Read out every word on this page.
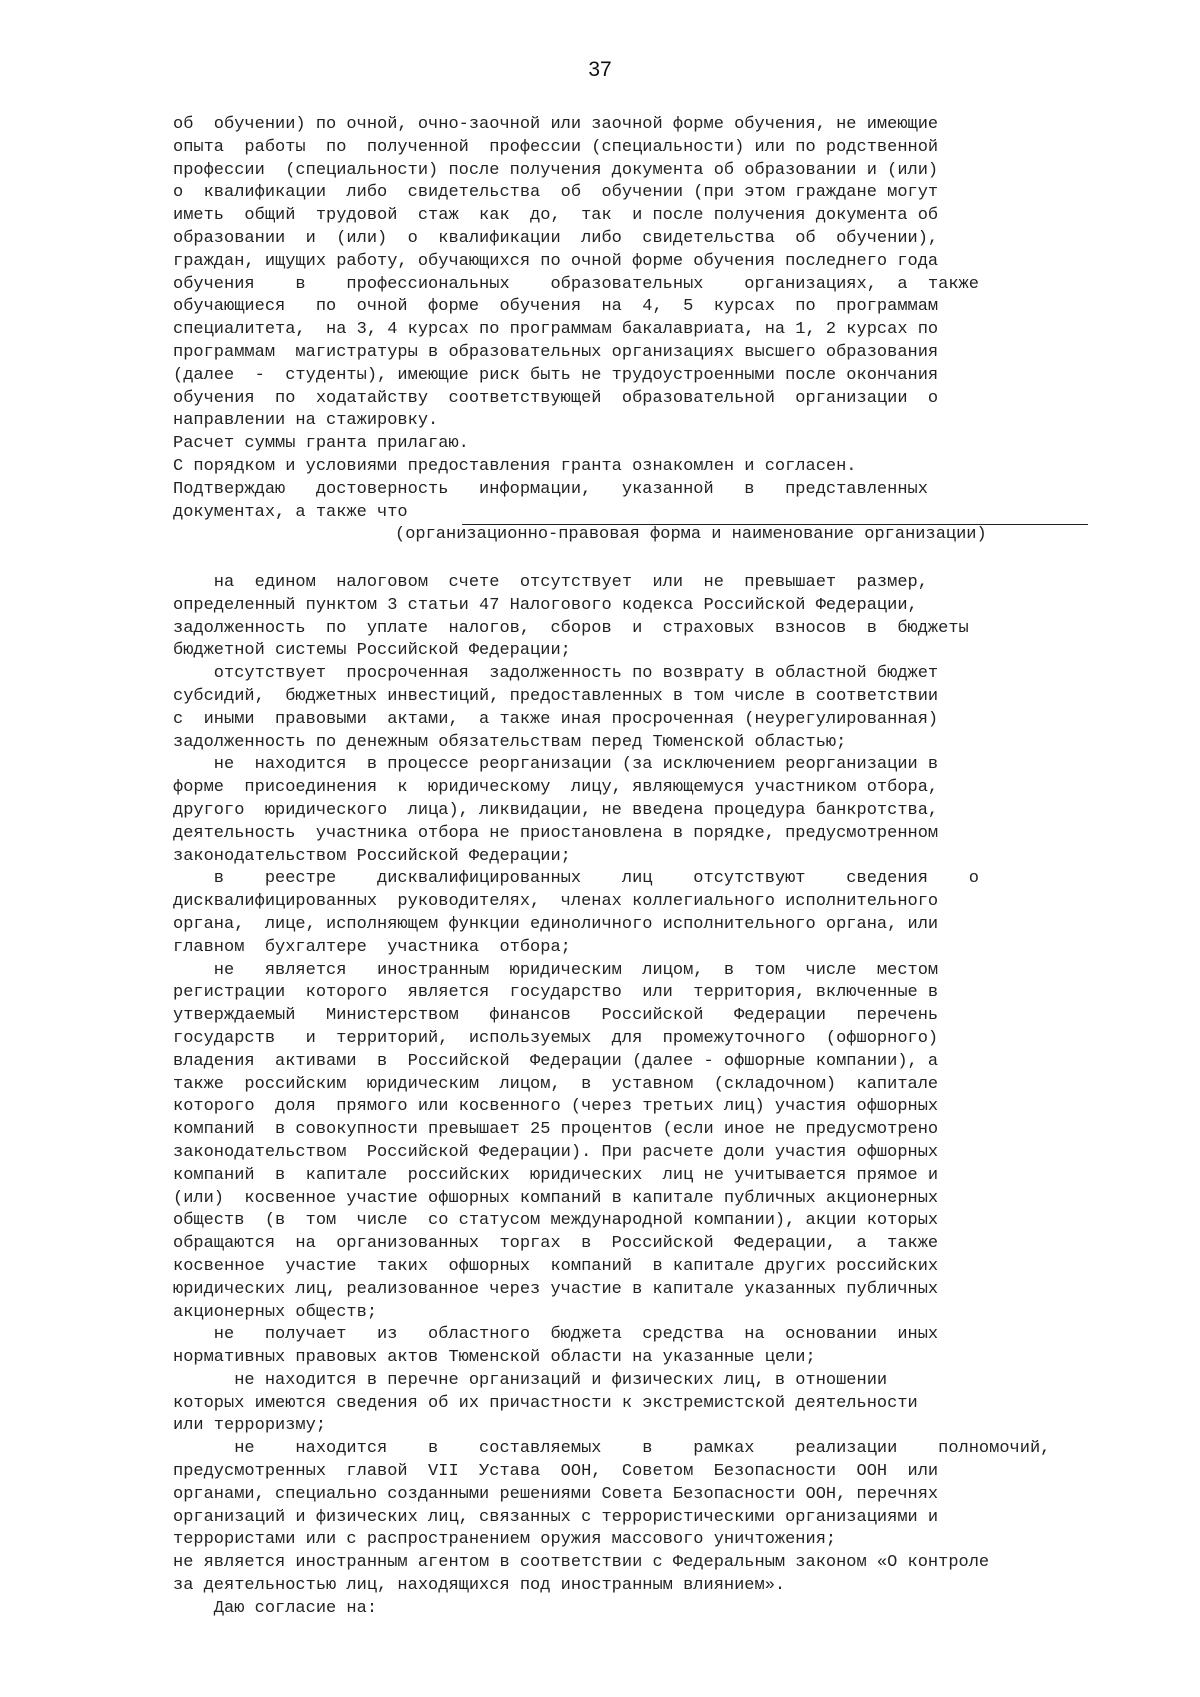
37
об  обучении) по очной, очно-заочной или заочной форме обучения, не имеющие
опыта  работы  по  полученной  профессии (специальности) или по родственной
профессии  (специальности) после получения документа об образовании и (или)
о  квалификации  либо  свидетельства  об  обучении (при этом граждане могут
иметь  общий  трудовой  стаж  как  до,  так  и после получения документа об
образовании  и  (или)  о  квалификации  либо  свидетельства  об  обучении),
граждан, ищущих работу, обучающихся по очной форме обучения последнего года
обучения    в    профессиональных    образовательных    организациях,  а  также
обучающиеся   по  очной  форме  обучения  на  4,  5  курсах  по  программам
специалитета,  на 3, 4 курсах по программам бакалавриата, на 1, 2 курсах по
программам  магистратуры в образовательных организациях высшего образования
(далее  -  студенты), имеющие риск быть не трудоустроенными после окончания
обучения  по  ходатайству  соответствующей  образовательной  организации  о
направлении на стажировку.
Расчет суммы гранта прилагаю.
С порядком и условиями предоставления гранта ознакомлен и согласен.
Подтверждаю   достоверность   информации,   указанной   в   представленных
документах, а также что
(организационно-правовая форма и наименование организации)
на  едином  налоговом  счете  отсутствует  или  не  превышает  размер,
определенный пунктом 3 статьи 47 Налогового кодекса Российской Федерации,
задолженность  по  уплате  налогов,  сборов  и  страховых  взносов  в  бюджеты
бюджетной системы Российской Федерации;
отсутствует  просроченная  задолженность по возврату в областной бюджет
субсидий,  бюджетных инвестиций, предоставленных в том числе в соответствии
с  иными  правовыми  актами,  а также иная просроченная (неурегулированная)
задолженность по денежным обязательствам перед Тюменской областью;
не  находится  в процессе реорганизации (за исключением реорганизации в
форме  присоединения  к  юридическому  лицу, являющемуся участником отбора,
другого  юридического  лица), ликвидации, не введена процедура банкротства,
деятельность  участника отбора не приостановлена в порядке, предусмотренном
законодательством Российской Федерации;
в    реестре    дисквалифицированных    лиц    отсутствуют    сведения    о
дисквалифицированных  руководителях,  членах коллегиального исполнительного
органа,  лице, исполняющем функции единоличного исполнительного органа, или
главном  бухгалтере  участника  отбора;
не   является   иностранным  юридическим  лицом,  в  том  числе  местом
регистрации  которого  является  государство  или  территория, включенные в
утверждаемый   Министерством   финансов   Российской   Федерации   перечень
государств   и  территорий,  используемых  для  промежуточного  (офшорного)
владения  активами  в  Российской  Федерации (далее - офшорные компании), а
также  российским  юридическим  лицом,  в  уставном  (складочном)  капитале
которого  доля  прямого или косвенного (через третьих лиц) участия офшорных
компаний  в совокупности превышает 25 процентов (если иное не предусмотрено
законодательством  Российской Федерации). При расчете доли участия офшорных
компаний  в  капитале  российских  юридических  лиц не учитывается прямое и
(или)  косвенное участие офшорных компаний в капитале публичных акционерных
обществ  (в  том  числе  со статусом международной компании), акции которых
обращаются  на  организованных  торгах  в  Российской  Федерации,  а  также
косвенное  участие  таких  офшорных  компаний  в капитале других российских
юридических лиц, реализованное через участие в капитале указанных публичных
акционерных обществ;
не   получает   из   областного  бюджета  средства  на  основании  иных
нормативных правовых актов Тюменской области на указанные цели;
не находится в перечне организаций и физических лиц, в отношении
которых имеются сведения об их причастности к экстремистской деятельности
или терроризму;
не    находится    в    составляемых    в    рамках    реализации    полномочий,
предусмотренных  главой  VII  Устава  ООН,  Советом  Безопасности  ООН  или
органами, специально созданными решениями Совета Безопасности ООН, перечнях
организаций и физических лиц, связанных с террористическими организациями и
террористами или с распространением оружия массового уничтожения;
не является иностранным агентом в соответствии с Федеральным законом «О контроле
за деятельностью лиц, находящихся под иностранным влиянием».
Даю согласие на:
